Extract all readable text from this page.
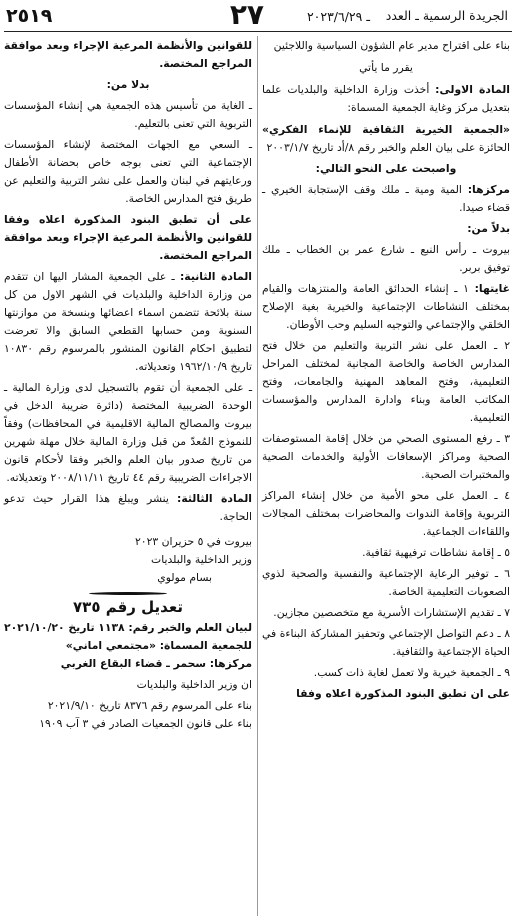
الجريدة الرسمية ـ العدد
٢٧	ـ ٢٠٢٣/٦/٢٩
٢٥١٩

بناء على اقتراح مدير عام الشؤون السياسية واللاجئين

يقرر ما يأتي

المادة الاولى: أخذت وزارة الداخلية والبلديات علما بتعديل مركز وغاية الجمعية المسماة:

«الجمعية الخيرية الثقافية للإنماء الفكري» الحائزة على بيان العلم والخبر رقم ٨/أد تاريخ ٢٠٠٣/١/٧

واصبحت على النحو التالي:

مركزها: المية ومية ـ ملك وقف الإستجابة الخيري ـ قضاء صيدا.

بدلاً من:

بيروت ـ رأس النبع ـ شارع عمر بن الخطاب ـ ملك توفيق بربر.

غايتها: ١ ـ إنشاء الحدائق العامة والمنتزهات والقيام بمختلف النشاطات الإجتماعية والخيرية بغية الإصلاح الخلقي والإجتماعي والتوجيه السليم وحب الأوطان.

٢ ـ العمل على نشر التربية والتعليم من خلال فتح المدارس الخاصة والخاصة المجانية لمختلف المراحل التعليمية، وفتح المعاهد المهنية والجامعات، وفتح المكاتب العامة وبناء وادارة المدارس والمؤسسات التعليمية.

٣ ـ رفع المستوى الصحي من خلال إقامة المستوصفات الصحية ومراكز الإسعافات الأولية والخدمات الصحية والمختبرات الصحية.

٤ ـ العمل على محو الأمية من خلال إنشاء المراكز التربوية وإقامة الندوات والمحاضرات بمختلف المجالات واللقاءات الجماعية.

٥ ـ إقامة نشاطات ترفيهية ثقافية.

٦ ـ توفير الرعاية الإجتماعية والنفسية والصحية لذوي الصعوبات التعليمية الخاصة.

٧ ـ تقديم الإستشارات الأسرية مع متخصصين مجازين.

٨ ـ دعم التواصل الإجتماعي وتحفيز المشاركة البناءة في الحياة الإجتماعية والثقافية.

٩ ـ الجمعية خيرية ولا تعمل لغاية ذات كسب.

على ان تطبق البنود المذكورة اعلاه وفقا

للقوانين والأنظمة المرعية الإجراء وبعد موافقة المراجع المختصة.

بدلا من:

ـ الغاية من تأسيس هذه الجمعية هي إنشاء المؤسسات التربوية التي تعنى بالتعليم.

ـ السعي مع الجهات المختصة لإنشاء المؤسسات الإجتماعية التي تعنى بوجه خاص بحضانة الأطفال ورعايتهم في لبنان والعمل على نشر التربية والتعليم عن طريق فتح المدارس الخاصة.

على أن تطبق البنود المذكورة اعلاه وفقا للقوانين والأنظمة المرعية الإجراء وبعد موافقة المراجع المختصة.

المادة الثانية: ـ على الجمعية المشار اليها ان تتقدم من وزارة الداخلية والبلديات في الشهر الاول من كل سنة بلائحة تتضمن اسماء اعضائها وبنسخة من موازنتها السنوية ومن حسابها القطعي السابق والا تعرضت لتطبيق احكام القانون المنشور بالمرسوم رقم ١٠٨٣٠ تاريخ ١٩٦٢/١٠/٩ وتعديلاته.

ـ على الجمعية أن تقوم بالتسجيل لدى وزارة المالية ـ الوحدة الضريبية المختصة (دائرة ضريبة الدخل في بيروت والمصالح المالية الاقليمية في المحافظات) وفقاً للنموذج المُعدّ من قبل وزارة المالية خلال مهلة شهرين من تاريخ صدور بيان العلم والخبر وفقا لأحكام قانون الاجراءات الضريبية رقم ٤٤ تاريخ ٢٠٠٨/١١/١١ وتعديلاته.

المادة الثالثة: ينشر ويبلغ هذا القرار حيث تدعو الحاجة.

بيروت في ٥ حزيران ٢٠٢٣

وزير الداخلية والبلديات

بسام مولوي

تعديل رقم ٧٣٥

لبيان العلم والخبر رقم: ١١٣٨ تاريخ ٢٠٢١/١٠/٢٠

للجمعية المسماة: «مجتمعي اماني»

مركزها: سحمر ـ قضاء البقاع الغربي

ان وزير الداخلية والبلديات

بناء على المرسوم رقم ٨٣٧٦ تاريخ ٢٠٢١/٩/١٠

بناء على قانون الجمعيات الصادر في ٣ آب ١٩٠٩
